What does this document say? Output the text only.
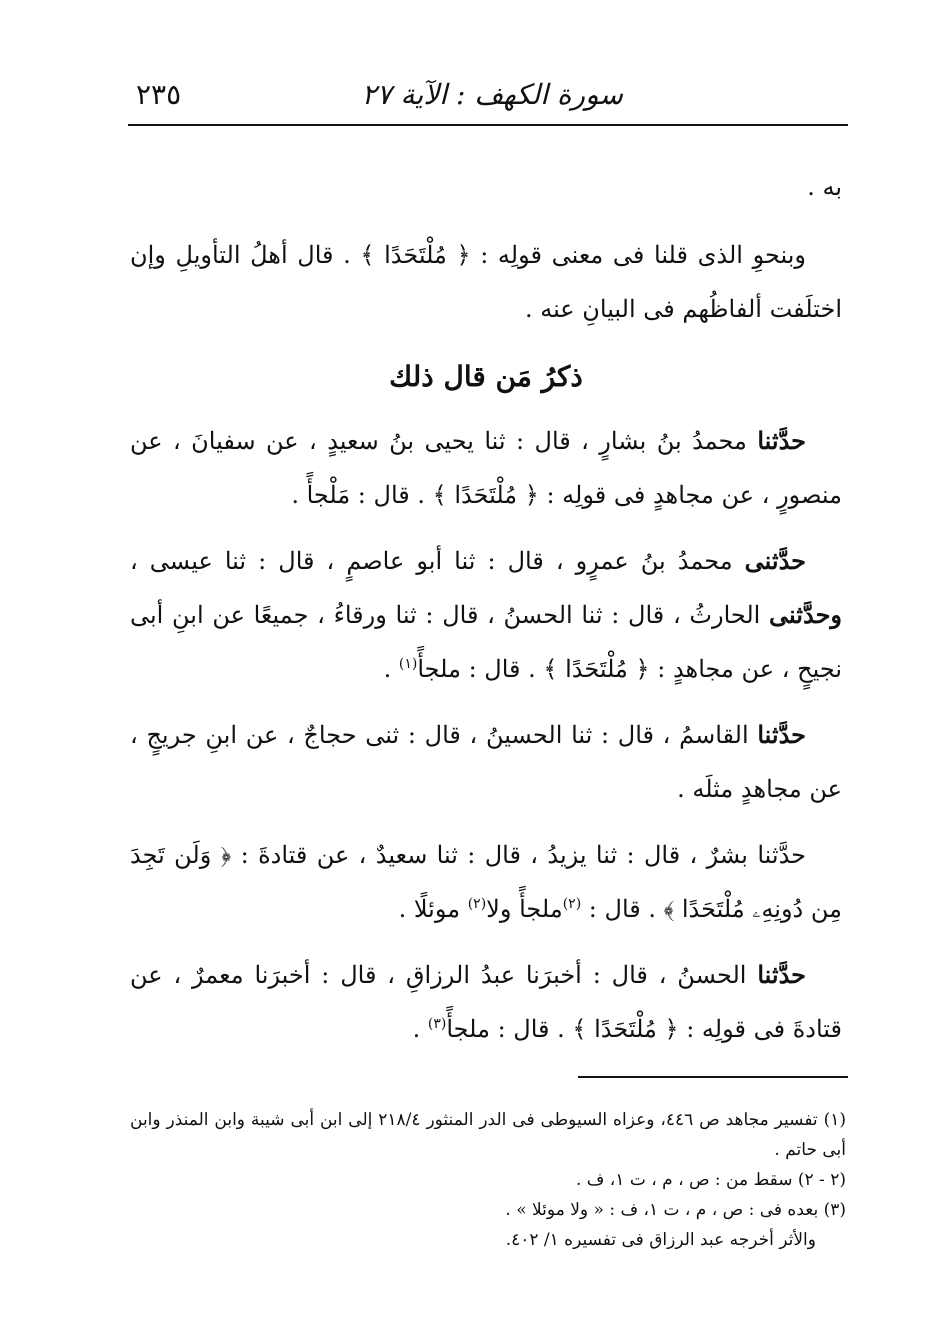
سورة الكهف : الآية ٢٧
٢٣٥

به .

وبنحوِ الذى قلنا فى معنى قولِه : ﴿ مُلْتَحَدًا ﴾ . قال أهلُ التأويلِ وإن اختلَفت ألفاظُهم فى البيانِ عنه .

ذكرُ مَن قال ذلك

حدَّثنا محمدُ بنُ بشارٍ ، قال : ثنا يحيى بنُ سعيدٍ ، عن سفيانَ ، عن منصورٍ ، عن مجاهدٍ فى قولِه : ﴿ مُلْتَحَدًا ﴾ . قال : مَلْجأً .

حدَّثنى محمدُ بنُ عمرٍو ، قال : ثنا أبو عاصمٍ ، قال : ثنا عيسى ، وحدَّثنى الحارثُ ، قال : ثنا الحسنُ ، قال : ثنا ورقاءُ ، جميعًا عن ابنِ أبى نجيحٍ ، عن مجاهدٍ : ﴿ مُلْتَحَدًا ﴾ . قال : ملجأً$^{(١)}$ .

حدَّثنا القاسمُ ، قال : ثنا الحسينُ ، قال : ثنى حجاجٌ ، عن ابنِ جريجٍ ، عن مجاهدٍ مثلَه .

حدَّثنا بشرٌ ، قال : ثنا يزيدُ ، قال : ثنا سعيدٌ ، عن قتادةَ : ﴿ وَلَن تَجِدَ مِن دُونِهِۦ مُلْتَحَدًا ﴾ . قال : $^{(٢)}$ملجأً ولا$^{(٢)}$ موئلًا .

حدَّثنا الحسنُ ، قال : أخبرَنا عبدُ الرزاقِ ، قال : أخبرَنا معمرٌ ، عن قتادةَ فى قولِه : ﴿ مُلْتَحَدًا ﴾ . قال : ملجأً$^{(٣)}$ .

(١) تفسير مجاهد ص ٤٤٦، وعزاه السيوطى فى الدر المنثور ٢١٨/٤ إلى ابن أبى شيبة وابن المنذر وابن أبى حاتم .

(٢ - ٢) سقط من : ص ، م ، ت ١، ف .

(٣) بعده فى : ص ، م ، ت ١، ف : « ولا موئلا » .

والأثر أخرجه عبد الرزاق فى تفسيره ١/ ٤٠٢.
